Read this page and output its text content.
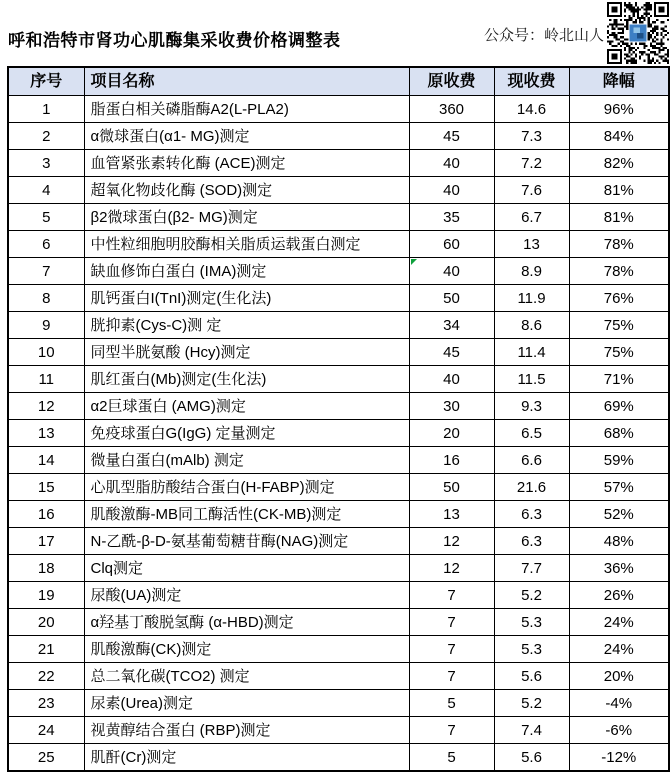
呼和浩特市肾功心肌酶集采收费价格调整表	公众号：岭北山人
序号	项目名称	原收费	现收费	降幅
1	脂蛋白相关磷脂酶A2(L-PLA2)	360	14.6	96%
2	α微球蛋白(α1- MG)测定	45	7.3	84%
3	血管紧张素转化酶 (ACE)测定	40	7.2	82%
4	超氧化物歧化酶 (SOD)测定	40	7.6	81%
5	β2微球蛋白(β2- MG)测定	35	6.7	81%
6	中性粒细胞明胶酶相关脂质运载蛋白测定	60	13	78%
7	缺血修饰白蛋白 (IMA)测定	40	8.9	78%
8	肌钙蛋白I(TnI)测定(生化法)	50	11.9	76%
9	胱抑素(Cys-C)测 定	34	8.6	75%
10	同型半胱氨酸 (Hcy)测定	45	11.4	75%
11	肌红蛋白(Mb)测定(生化法)	40	11.5	71%
12	α2巨球蛋白 (AMG)测定	30	9.3	69%
13	免疫球蛋白G(IgG) 定量测定	20	6.5	68%
14	微量白蛋白(mAlb) 测定	16	6.6	59%
15	心肌型脂肪酸结合蛋白(H-FABP)测定	50	21.6	57%
16	肌酸激酶-MB同工酶活性(CK-MB)测定	13	6.3	52%
17	N-乙酰-β-D-氨基葡萄糖苷酶(NAG)测定	12	6.3	48%
18	Clq测定	12	7.7	36%
19	尿酸(UA)测定	7	5.2	26%
20	α羟基丁酸脱氢酶 (α-HBD)测定	7	5.3	24%
21	肌酸激酶(CK)测定	7	5.3	24%
22	总二氧化碳(TCO2) 测定	7	5.6	20%
23	尿素(Urea)测定	5	5.2	-4%
24	视黄醇结合蛋白 (RBP)测定	7	7.4	-6%
25	肌酐(Cr)测定	5	5.6	-12%
